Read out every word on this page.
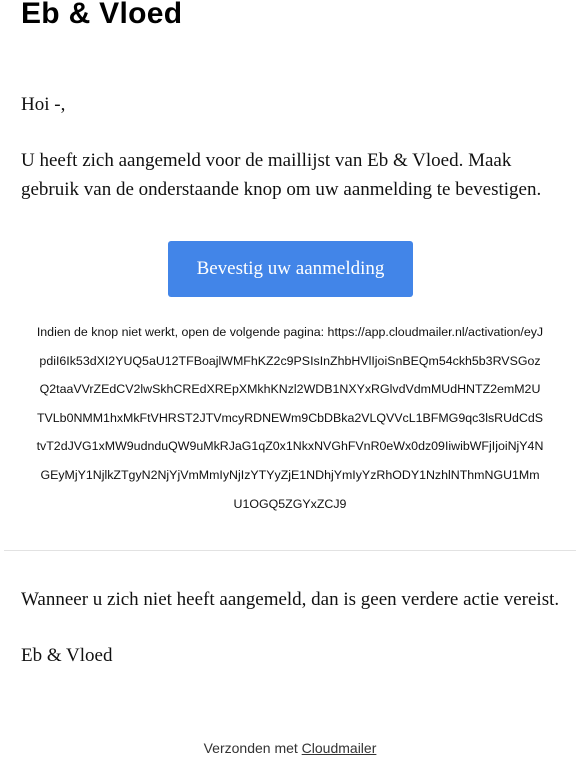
Eb & Vloed

Hoi -,

U heeft zich aangemeld voor de maillijst van Eb & Vloed. Maak gebruik van de onderstaande knop om uw aanmelding te bevestigen.

Bevestig uw aanmelding

Indien de knop niet werkt, open de volgende pagina: https://app.cloudmailer.nl/activation/eyJ
pdiI6Ik53dXI2YUQ5aU12TFBoajlWMFhKZ2c9PSIsInZhbHVlIjoiSnBEQm54ckh5b3RVSGoz
Q2taaVVrZEdCV2lwSkhCREdXREpXMkhKNzl2WDB1NXYxRGlvdVdmMUdHNTZ2emM2U
TVLb0NMM1hxMkFtVHRST2JTVmcyRDNEWm9CbDBka2VLQVVcL1BFMG9qc3lsRUdCdS
tvT2dJVG1xMW9udnduQW9uMkRJaG1qZ0x1NkxNVGhFVnR0eWx0dz09IiwibWFjIjoiNjY4N
GEyMjY1NjlkZTgyN2NjYjVmMmIyNjIzYTYyZjE1NDhjYmIyYzRhODY1NzhlNThmNGU1Mm
U1OGQ5ZGYxZCJ9

Wanneer u zich niet heeft aangemeld, dan is geen verdere actie vereist.

Eb & Vloed

Verzonden met Cloudmailer
